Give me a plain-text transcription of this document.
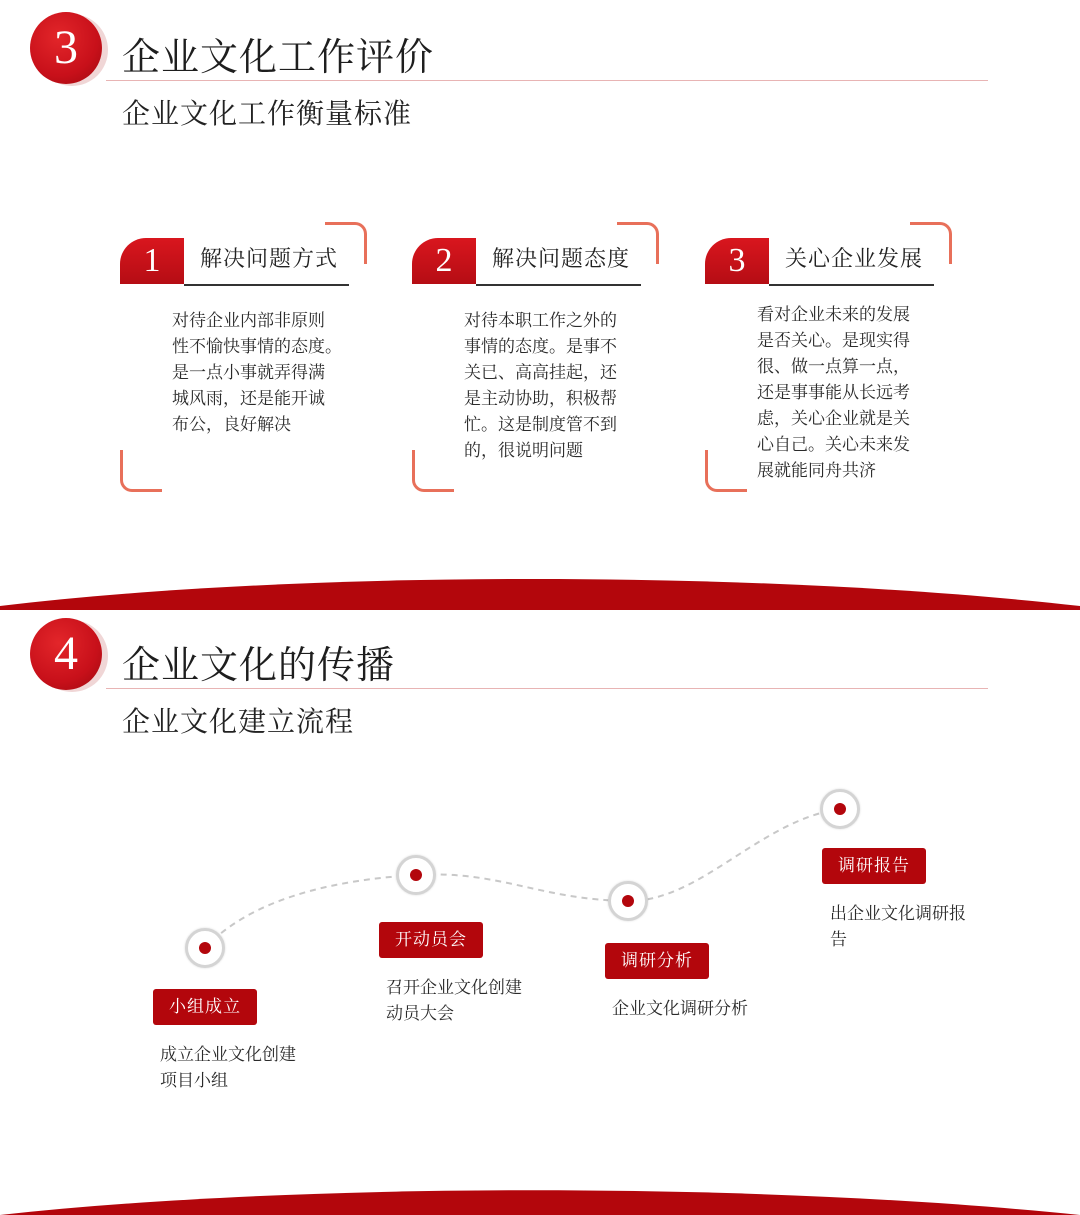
3	企业文化工作评价
企业文化工作衡量标准
1	解决问题方式
对待企业内部非原则
性不愉快事情的态度。
是一点小事就弄得满
城风雨，还是能开诚
布公，良好解决
2	解决问题态度
对待本职工作之外的
事情的态度。是事不
关已、高高挂起，还
是主动协助，积极帮
忙。这是制度管不到
的，很说明问题
3	关心企业发展
看对企业未来的发展
是否关心。是现实得
很、做一点算一点，
还是事事能从长远考
虑，关心企业就是关
心自己。关心未来发
展就能同舟共济
4	企业文化的传播
企业文化建立流程
小组成立
成立企业文化创建
项目小组
开动员会
召开企业文化创建
动员大会
调研分析
企业文化调研分析
调研报告
出企业文化调研报
告
